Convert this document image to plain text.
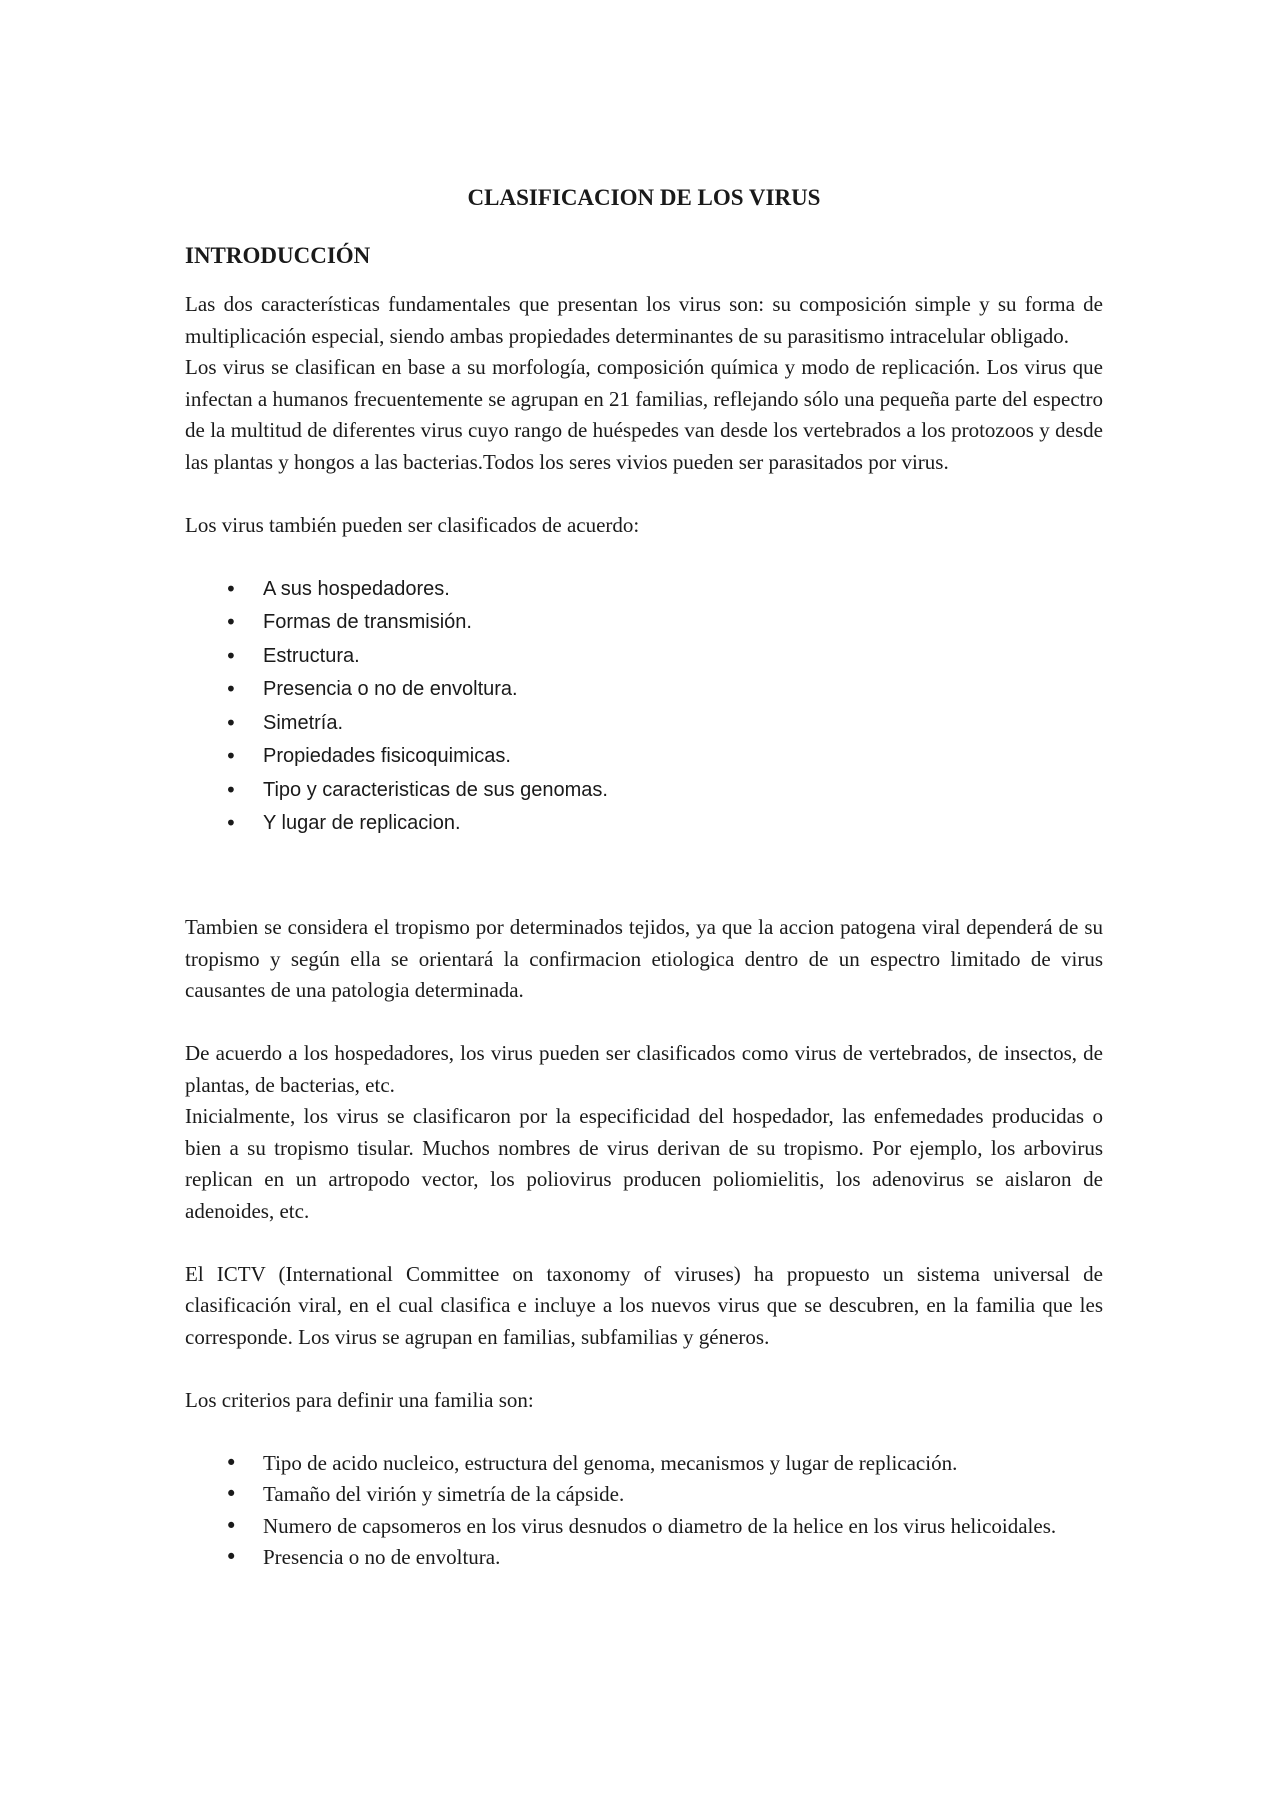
CLASIFICACION DE LOS VIRUS
INTRODUCCIÓN

Las dos características fundamentales que presentan los virus son: su composición simple y su forma de multiplicación especial, siendo ambas propiedades determinantes de su parasitismo intracelular obligado.

Los virus se clasifican en base a su morfología, composición química y modo de replicación. Los virus que infectan a humanos frecuentemente se agrupan en 21 familias, reflejando sólo una pequeña parte del espectro de la multitud de diferentes virus cuyo rango de huéspedes van desde los vertebrados a los protozoos y desde las plantas y hongos a las bacterias.Todos los seres vivios pueden ser parasitados por virus.

Los virus también pueden ser clasificados de acuerdo:

• A sus hospedadores.
• Formas de transmisión.
• Estructura.
• Presencia o no de envoltura.
• Simetría.
• Propiedades fisicoquimicas.
• Tipo y caracteristicas de sus genomas.
• Y lugar de replicacion.

Tambien se considera el tropismo por determinados tejidos, ya que la accion patogena viral dependerá de su tropismo y según ella se orientará la confirmacion etiologica dentro de un espectro limitado de virus causantes de una patologia determinada.

De acuerdo a los hospedadores, los virus pueden ser clasificados como virus de vertebrados, de insectos, de plantas, de bacterias, etc.

Inicialmente, los virus se clasificaron por la especificidad del hospedador, las enfemedades producidas o bien a su tropismo tisular. Muchos nombres de virus derivan de su tropismo. Por ejemplo, los arbovirus replican en un artropodo vector, los poliovirus producen poliomielitis, los adenovirus se aislaron de adenoides, etc.

El ICTV (International Committee on taxonomy of viruses) ha propuesto un sistema universal de clasificación viral, en el cual clasifica e incluye a los nuevos virus que se descubren, en la familia que les corresponde. Los virus se agrupan en familias, subfamilias y géneros.

Los criterios para definir una familia son:

• Tipo de acido nucleico, estructura del genoma, mecanismos y lugar de replicación.
• Tamaño del virión y simetría de la cápside.
• Numero de capsomeros en los virus desnudos o diametro de la helice en los virus helicoidales.
• Presencia o no de envoltura.
